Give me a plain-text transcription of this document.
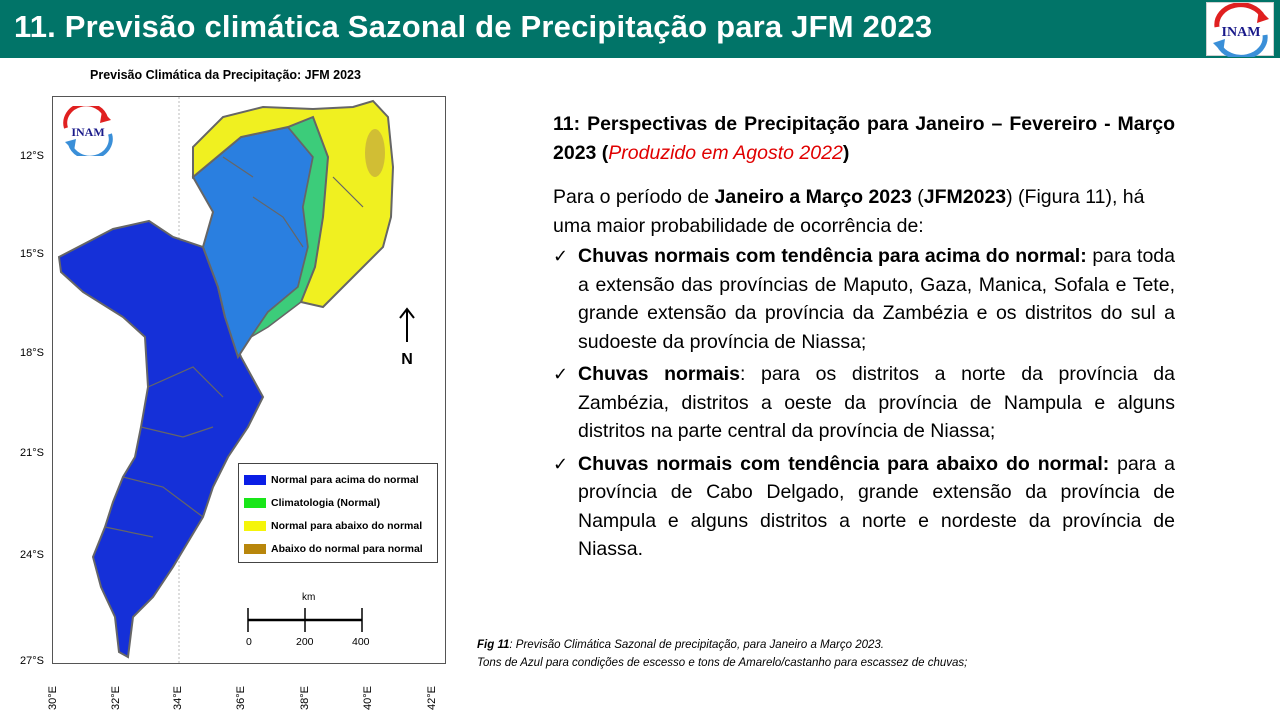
11. Previsão climática Sazonal de Precipitação para JFM 2023	INAM
Previsão Climática da Precipitação: JFM 2023
INAM
12°S
15°S
18°S
21°S
24°S
27°S
30°E	32°E	34°E	36°E	38°E	40°E	42°E
N
Normal para acima do normal
Climatologia (Normal)
Normal para abaixo do normal
Abaixo do normal para normal
km
0	200	400
11: Perspectivas de Precipitação para Janeiro – Fevereiro - Março 2023 (Produzido em Agosto 2022)
Para o período de Janeiro a Março 2023 (JFM2023) (Figura 11), há uma maior probabilidade de ocorrência de:
✓ Chuvas normais com tendência para acima do normal: para toda a extensão das províncias de Maputo, Gaza, Manica, Sofala e Tete, grande extensão da província da Zambézia e os distritos do sul a sudoeste da província de Niassa;
✓ Chuvas normais: para os distritos a norte da província da Zambézia, distritos a oeste da província de Nampula e alguns distritos na parte central da província de Niassa;
✓ Chuvas normais com tendência para abaixo do normal: para a província de Cabo Delgado, grande extensão da província de Nampula e alguns distritos a norte e nordeste da província de Niassa.
Fig 11: Previsão Climática Sazonal de precipitação, para Janeiro a Março 2023.
Tons de Azul para condições de escesso e tons de Amarelo/castanho para escassez de chuvas;
